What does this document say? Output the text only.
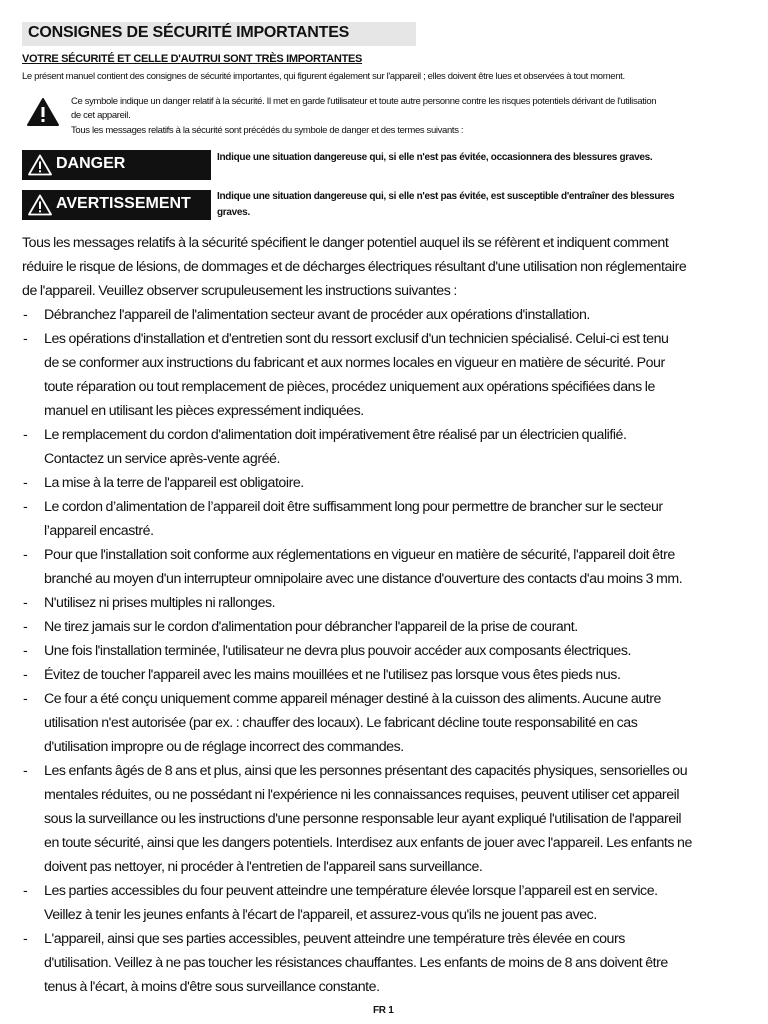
CONSIGNES DE SÉCURITÉ IMPORTANTES
VOTRE SÉCURITÉ ET CELLE D'AUTRUI SONT TRÈS IMPORTANTES
Le présent manuel contient des consignes de sécurité importantes, qui figurent également sur l'appareil ; elles doivent être lues et observées à tout moment.
Ce symbole indique un danger relatif à la sécurité. Il met en garde l'utilisateur et toute autre personne contre les risques potentiels dérivant de l'utilisation
de cet appareil.
Tous les messages relatifs à la sécurité sont précédés du symbole de danger et des termes suivants :
DANGER	Indique une situation dangereuse qui, si elle n'est pas évitée, occasionnera des blessures graves.
AVERTISSEMENT	Indique une situation dangereuse qui, si elle n'est pas évitée, est susceptible d'entraîner des blessures
graves.
Tous les messages relatifs à la sécurité spécifient le danger potentiel auquel ils se réfèrent et indiquent comment
réduire le risque de lésions, de dommages et de décharges électriques résultant d'une utilisation non réglementaire
de l'appareil. Veuillez observer scrupuleusement les instructions suivantes :
- Débranchez l'appareil de l'alimentation secteur avant de procéder aux opérations d'installation.
- Les opérations d'installation et d'entretien sont du ressort exclusif d'un technicien spécialisé. Celui-ci est tenu
de se conformer aux instructions du fabricant et aux normes locales en vigueur en matière de sécurité. Pour
toute réparation ou tout remplacement de pièces, procédez uniquement aux opérations spécifiées dans le
manuel en utilisant les pièces expressément indiquées.
- Le remplacement du cordon d'alimentation doit impérativement être réalisé par un électricien qualifié.
Contactez un service après-vente agréé.
- La mise à la terre de l'appareil est obligatoire.
- Le cordon d’alimentation de l’appareil doit être suffisamment long pour permettre de brancher sur le secteur
l’appareil encastré.
- Pour que l'installation soit conforme aux réglementations en vigueur en matière de sécurité, l'appareil doit être
branché au moyen d'un interrupteur omnipolaire avec une distance d'ouverture des contacts d'au moins 3 mm.
- N'utilisez ni prises multiples ni rallonges.
- Ne tirez jamais sur le cordon d'alimentation pour débrancher l'appareil de la prise de courant.
- Une fois l'installation terminée, l'utilisateur ne devra plus pouvoir accéder aux composants électriques.
- Évitez de toucher l'appareil avec les mains mouillées et ne l'utilisez pas lorsque vous êtes pieds nus.
- Ce four a été conçu uniquement comme appareil ménager destiné à la cuisson des aliments. Aucune autre
utilisation n'est autorisée (par ex. : chauffer des locaux). Le fabricant décline toute responsabilité en cas
d'utilisation impropre ou de réglage incorrect des commandes.
- Les enfants âgés de 8 ans et plus, ainsi que les personnes présentant des capacités physiques, sensorielles ou
mentales réduites, ou ne possédant ni l'expérience ni les connaissances requises, peuvent utiliser cet appareil
sous la surveillance ou les instructions d'une personne responsable leur ayant expliqué l'utilisation de l'appareil
en toute sécurité, ainsi que les dangers potentiels. Interdisez aux enfants de jouer avec l'appareil. Les enfants ne
doivent pas nettoyer, ni procéder à l'entretien de l'appareil sans surveillance.
- Les parties accessibles du four peuvent atteindre une température élevée lorsque l’appareil est en service.
Veillez à tenir les jeunes enfants à l'écart de l'appareil, et assurez-vous qu'ils ne jouent pas avec.
- L'appareil, ainsi que ses parties accessibles, peuvent atteindre une température très élevée en cours
d'utilisation. Veillez à ne pas toucher les résistances chauffantes. Les enfants de moins de 8 ans doivent être
tenus à l'écart, à moins d'être sous surveillance constante.
FR 1
